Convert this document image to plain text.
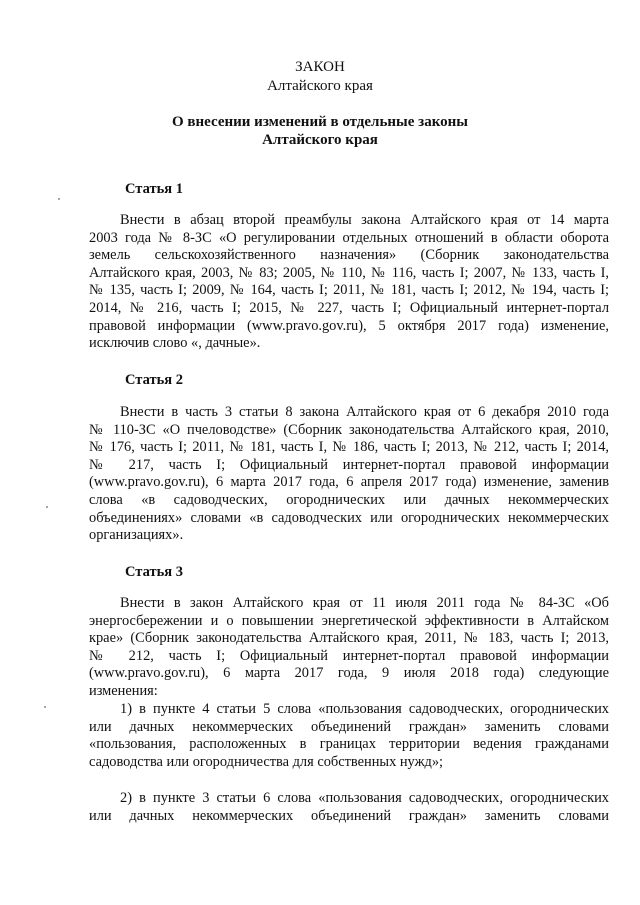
ЗАКОН
Алтайского края
О внесении изменений в отдельные законы
Алтайского края
Статья 1
Внести в абзац второй преамбулы закона Алтайского края от 14 марта
2003 года № 8-ЗС «О регулировании отдельных отношений в области оборота
земель сельскохозяйственного назначения» (Сборник законодательства
Алтайского края, 2003, № 83; 2005, № 110, № 116, часть I; 2007, № 133, часть I,
№ 135, часть I; 2009, № 164, часть I; 2011, № 181, часть I; 2012, № 194, часть I;
2014, № 216, часть I; 2015, № 227, часть I; Официальный интернет-портал
правовой информации (www.pravo.gov.ru), 5 октября 2017 года) изменение,
исключив слово «, дачные».
Статья 2
Внести в часть 3 статьи 8 закона Алтайского края от 6 декабря 2010 года
№ 110-ЗС «О пчеловодстве» (Сборник законодательства Алтайского края, 2010,
№ 176, часть I; 2011, № 181, часть I, № 186, часть I; 2013, № 212, часть I; 2014,
№ 217, часть I; Официальный интернет-портал правовой информации
(www.pravo.gov.ru), 6 марта 2017 года, 6 апреля 2017 года) изменение, заменив
слова «в садоводческих, огороднических или дачных некоммерческих
объединениях» словами «в садоводческих или огороднических некоммерческих
организациях».
Статья 3
Внести в закон Алтайского края от 11 июля 2011 года № 84-ЗС «Об
энергосбережении и о повышении энергетической эффективности в Алтайском
крае» (Сборник законодательства Алтайского края, 2011, № 183, часть I; 2013,
№ 212, часть I; Официальный интернет-портал правовой информации
(www.pravo.gov.ru), 6 марта 2017 года, 9 июля 2018 года) следующие
изменения:
1) в пункте 4 статьи 5 слова «пользования садоводческих, огороднических
или дачных некоммерческих объединений граждан» заменить словами
«пользования, расположенных в границах территории ведения гражданами
садоводства или огородничества для собственных нужд»;
2) в пункте 3 статьи 6 слова «пользования садоводческих, огороднических
или дачных некоммерческих объединений граждан» заменить словами
